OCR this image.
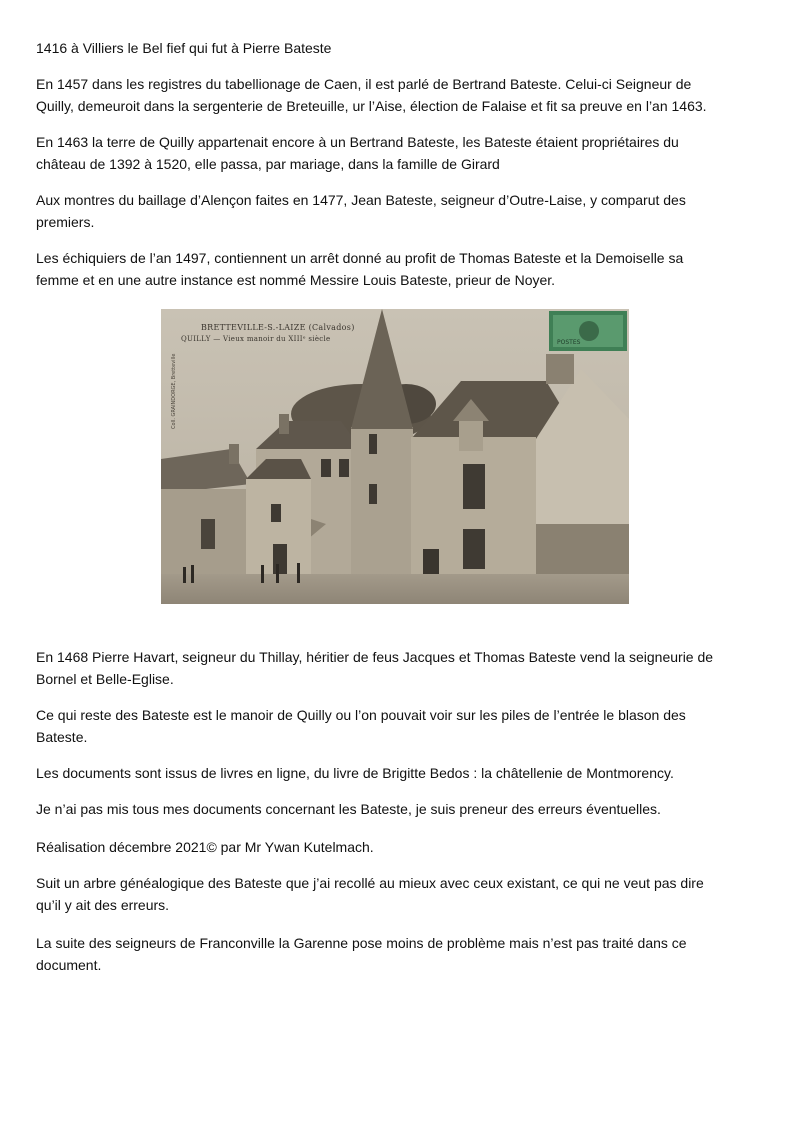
1416 à Villiers le Bel fief qui fut à Pierre Bateste

En 1457 dans les registres du tabellionage de Caen, il est parlé de Bertrand Bateste. Celui-ci Seigneur de
Quilly, demeuroit dans la sergenterie de Breteuille, ur l’Aise, élection de Falaise et fit sa preuve en l’an 1463.

En 1463 la terre de Quilly appartenait encore à un Bertrand Bateste, les Bateste étaient propriétaires du
château de 1392 à 1520, elle passa, par mariage, dans la famille de Girard

Aux montres du baillage d’Alençon faites en 1477, Jean Bateste, seigneur d’Outre-Laise, y comparut des
premiers.

Les échiquiers de l’an 1497, contiennent un arrêt donné au profit de Thomas Bateste et la Demoiselle sa
femme et en une autre instance est nommé Messire Louis Bateste, prieur de Noyer.

BRETTEVILLE-S.-LAIZE (Calvados)
QUILLY — Vieux manoir du XIIIᵉ siècle
Coll. GRAINDORGE, Bretteville
POSTES

En 1468 Pierre Havart, seigneur du Thillay, héritier de feus Jacques et Thomas Bateste vend la seigneurie de
Bornel et Belle-Eglise.

Ce qui reste des Bateste est le manoir de Quilly ou l’on pouvait voir sur les piles de l’entrée le blason des
Bateste.

Les documents sont issus de livres en ligne, du livre de Brigitte Bedos : la châtellenie de Montmorency.

Je n’ai pas mis tous mes documents concernant les Bateste, je suis preneur des erreurs éventuelles.

Réalisation décembre 2021© par Mr Ywan Kutelmach.

Suit un arbre généalogique des Bateste que j’ai recollé au mieux avec ceux existant, ce qui ne veut pas dire
qu’il y ait des erreurs.

La suite des seigneurs de Franconville la Garenne pose moins de problème mais n’est pas traité dans ce
document.
